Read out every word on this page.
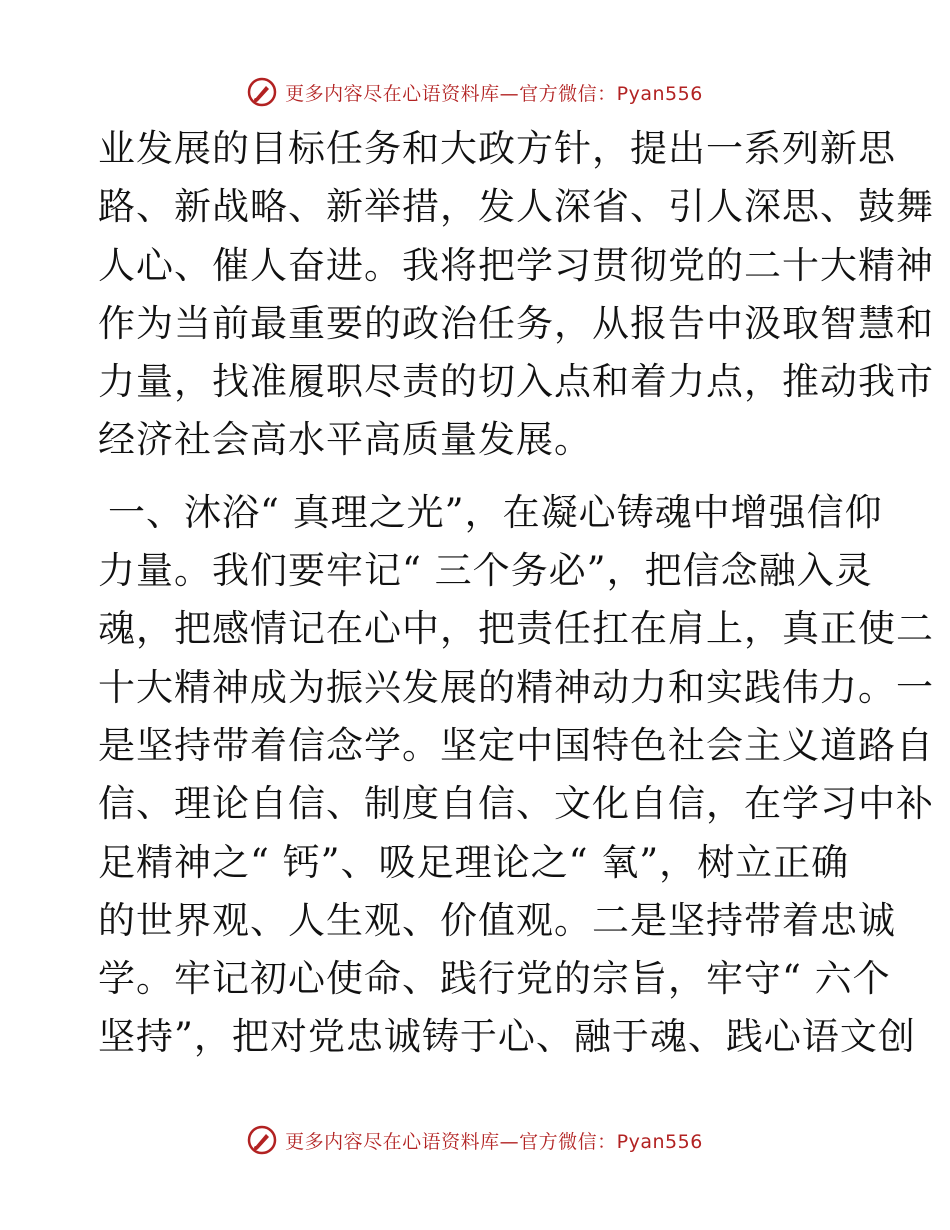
更多内容尽在心语资料库—官方微信：Pyan556
业发展的目标任务和大政方针，提出一系列新思
路、新战略、新举措，发人深省、引人深思、鼓舞
人心、催人奋进。我将把学习贯彻党的二十大精神
作为当前最重要的政治任务，从报告中汲取智慧和
力量，找准履职尽责的切入点和着力点，推动我市
经济社会高水平高质量发展。
一、沐浴“ 真理之光”，在凝心铸魂中增强信仰
力量。我们要牢记“ 三个务必”，把信念融入灵
魂，把感情记在心中，把责任扛在肩上，真正使二
十大精神成为振兴发展的精神动力和实践伟力。一
是坚持带着信念学。坚定中国特色社会主义道路自
信、理论自信、制度自信、文化自信，在学习中补
足精神之“ 钙”、吸足理论之“ 氧”，树立正确
的世界观、人生观、价值观。二是坚持带着忠诚
学。牢记初心使命、践行党的宗旨，牢守“ 六个
坚持”，把对党忠诚铸于心、融于魂、践心语文创
更多内容尽在心语资料库—官方微信：Pyan556
